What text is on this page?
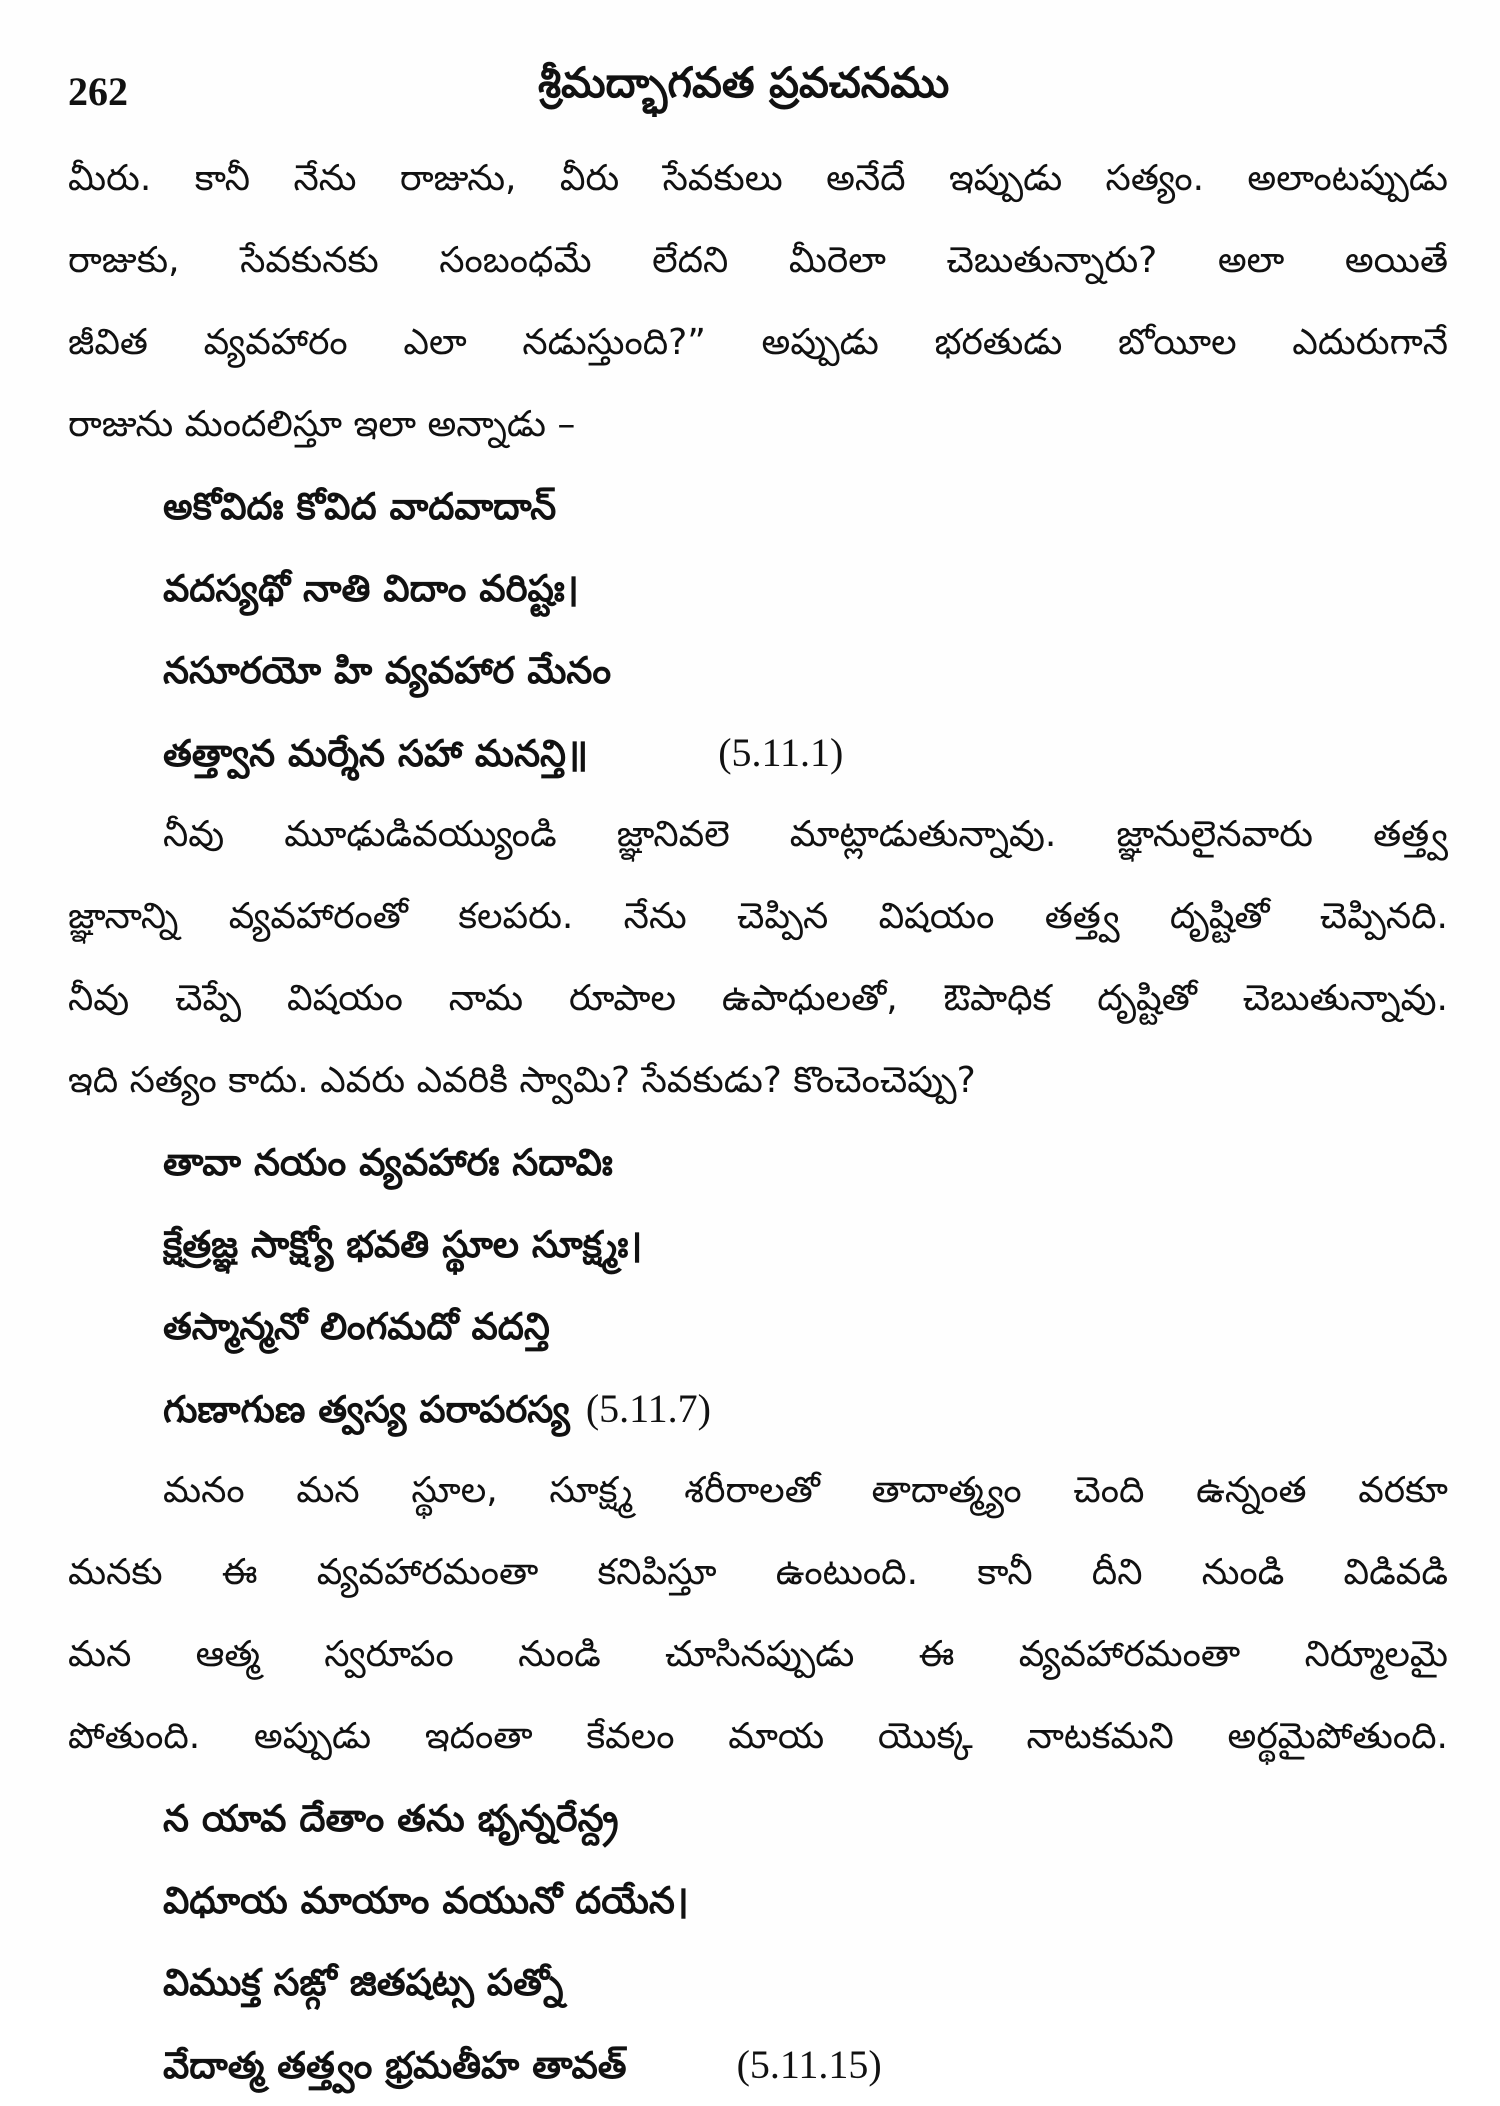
262	శ్రీమద్భాగవత ప్రవచనము
మీరు. కానీ నేను రాజును, వీరు సేవకులు అనేదే ఇప్పుడు సత్యం. అలాంటప్పుడు
రాజుకు, సేవకునకు సంబంధమే లేదని మీరెలా చెబుతున్నారు? అలా అయితే
జీవిత వ్యవహారం ఎలా నడుస్తుంది?” అప్పుడు భరతుడు బోయీల ఎదురుగానే
రాజును మందలిస్తూ ఇలా అన్నాడు –
అకోవిదః కోవిద వాదవాదాన్
వదస్యథో నాతి విదాం వరిష్టః।
నసూరయో హి వ్యవహార మేనం
తత్త్వాన మర్శేన సహా మనన్తి॥	(5.11.1)
నీవు మూఢుడివయ్యుండి జ్ఞానివలె మాట్లాడుతున్నావు. జ్ఞానులైనవారు తత్త్వ
జ్ఞానాన్ని వ్యవహారంతో కలపరు. నేను చెప్పిన విషయం తత్త్వ దృష్టితో చెప్పినది.
నీవు చెప్పే విషయం నామ రూపాల ఉపాధులతో, ఔపాధిక దృష్టితో చెబుతున్నావు.
ఇది సత్యం కాదు. ఎవరు ఎవరికి స్వామి? సేవకుడు? కొంచెంచెప్పు?
తావా నయం వ్యవహారః సదావిః
క్షేత్రజ్ఞ సాక్ష్యో భవతి స్థూల సూక్ష్మః।
తస్మాన్మనో లింగమదో వదన్తి
గుణాగుణ త్వస్య పరాపరస్య (5.11.7)
మనం మన స్థూల, సూక్ష్మ శరీరాలతో తాదాత్మ్యం చెంది ఉన్నంత వరకూ
మనకు ఈ వ్యవహారమంతా కనిపిస్తూ ఉంటుంది. కానీ దీని నుండి విడివడి
మన ఆత్మ స్వరూపం నుండి చూసినప్పుడు ఈ వ్యవహారమంతా నిర్మూలమై
పోతుంది. అప్పుడు ఇదంతా కేవలం మాయ యొక్క నాటకమని అర్థమైపోతుంది.
న యావ దేతాం తను భృన్నరేన్ద్ర
విధూయ మాయాం వయునో దయేన।
విముక్త సఙ్గో జితషట్స పత్నో
వేదాత్మ తత్త్వం భ్రమతీహ తావత్	(5.11.15)
